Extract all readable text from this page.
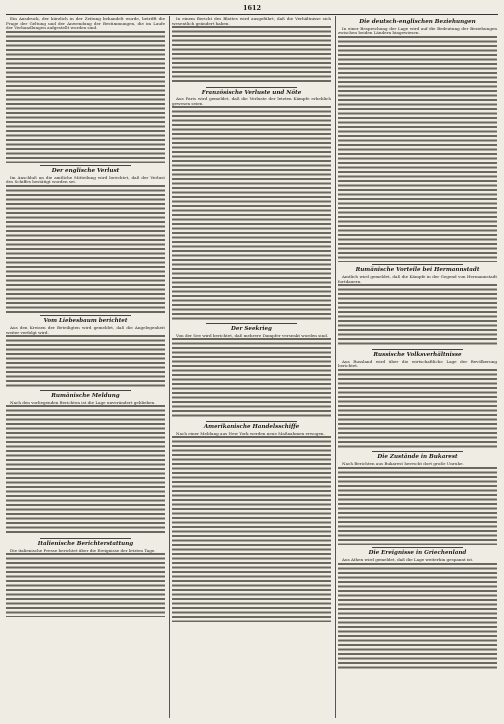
1612

Ein Ausdruck, der kürzlich in der Zeitung behandelt wurde, betrifft die Frage der Geltung und der Anwendung der Bestimmungen, die im Laufe der Verhandlungen aufgestellt worden sind.

Der englische Verlust

Im Anschluß an die amtliche Mitteilung wird berichtet, daß der Verlust des Schiffes bestätigt worden sei.

Vom Liebesbaum berichtet

Aus den Kreisen der Beteiligten wird gemeldet, daß die Angelegenheit weiter verfolgt wird.

Rumänische Meldung

Nach den vorliegenden Berichten ist die Lage unverändert geblieben.

Italienische Berichterstattung

Die italienische Presse berichtet über die Ereignisse der letzten Tage.

In einem Bericht des Blattes wird ausgeführt, daß die Verhältnisse sich wesentlich geändert haben.

Französische Verluste und Nöte

Aus Paris wird gemeldet, daß die Verluste der letzten Kämpfe erheblich gewesen seien.

Der Seekrieg

Von der See wird berichtet, daß mehrere Dampfer versenkt worden sind.

Amerikanische Handelsschiffe

Nach einer Meldung aus New York werden neue Maßnahmen erwogen.

Die deutsch-englischen Beziehungen

In einer Besprechung der Lage wird auf die Bedeutung der Beziehungen zwischen beiden Ländern hingewiesen.

Rumänische Vorteile bei Hermannstadt

Amtlich wird gemeldet, daß die Kämpfe in der Gegend von Hermannstadt fortdauern.

Russische Volksverhältnisse

Aus Russland wird über die wirtschaftliche Lage der Bevölkerung berichtet.

Die Zustände in Bukarest

Nach Berichten aus Bukarest herrscht dort große Unruhe.

Die Ereignisse in Griechenland

Aus Athen wird gemeldet, daß die Lage weiterhin gespannt ist.
